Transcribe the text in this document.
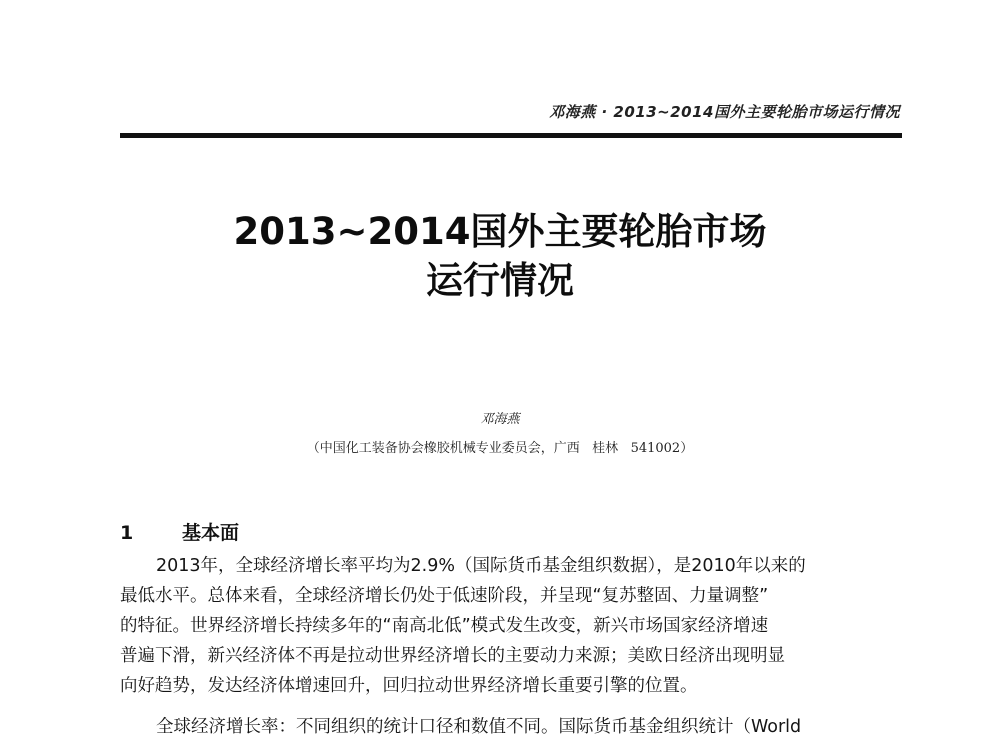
邓海燕 · 2013~2014国外主要轮胎市场运行情况
2013~2014国外主要轮胎市场
运行情况
邓海燕
（中国化工装备协会橡胶机械专业委员会，广西   桂林   541002）
1	基本面
2013年，全球经济增长率平均为2.9%（国际货币基金组织数据），是2010年以来的
最低水平。总体来看，全球经济增长仍处于低速阶段，并呈现“复苏整固、力量调整”
的特征。世界经济增长持续多年的“南高北低”模式发生改变，新兴市场国家经济增速
普遍下滑，新兴经济体不再是拉动世界经济增长的主要动力来源；美欧日经济出现明显
向好趋势，发达经济体增速回升，回归拉动世界经济增长重要引擎的位置。
全球经济增长率：不同组织的统计口径和数值不同。国际货币基金组织统计（World
